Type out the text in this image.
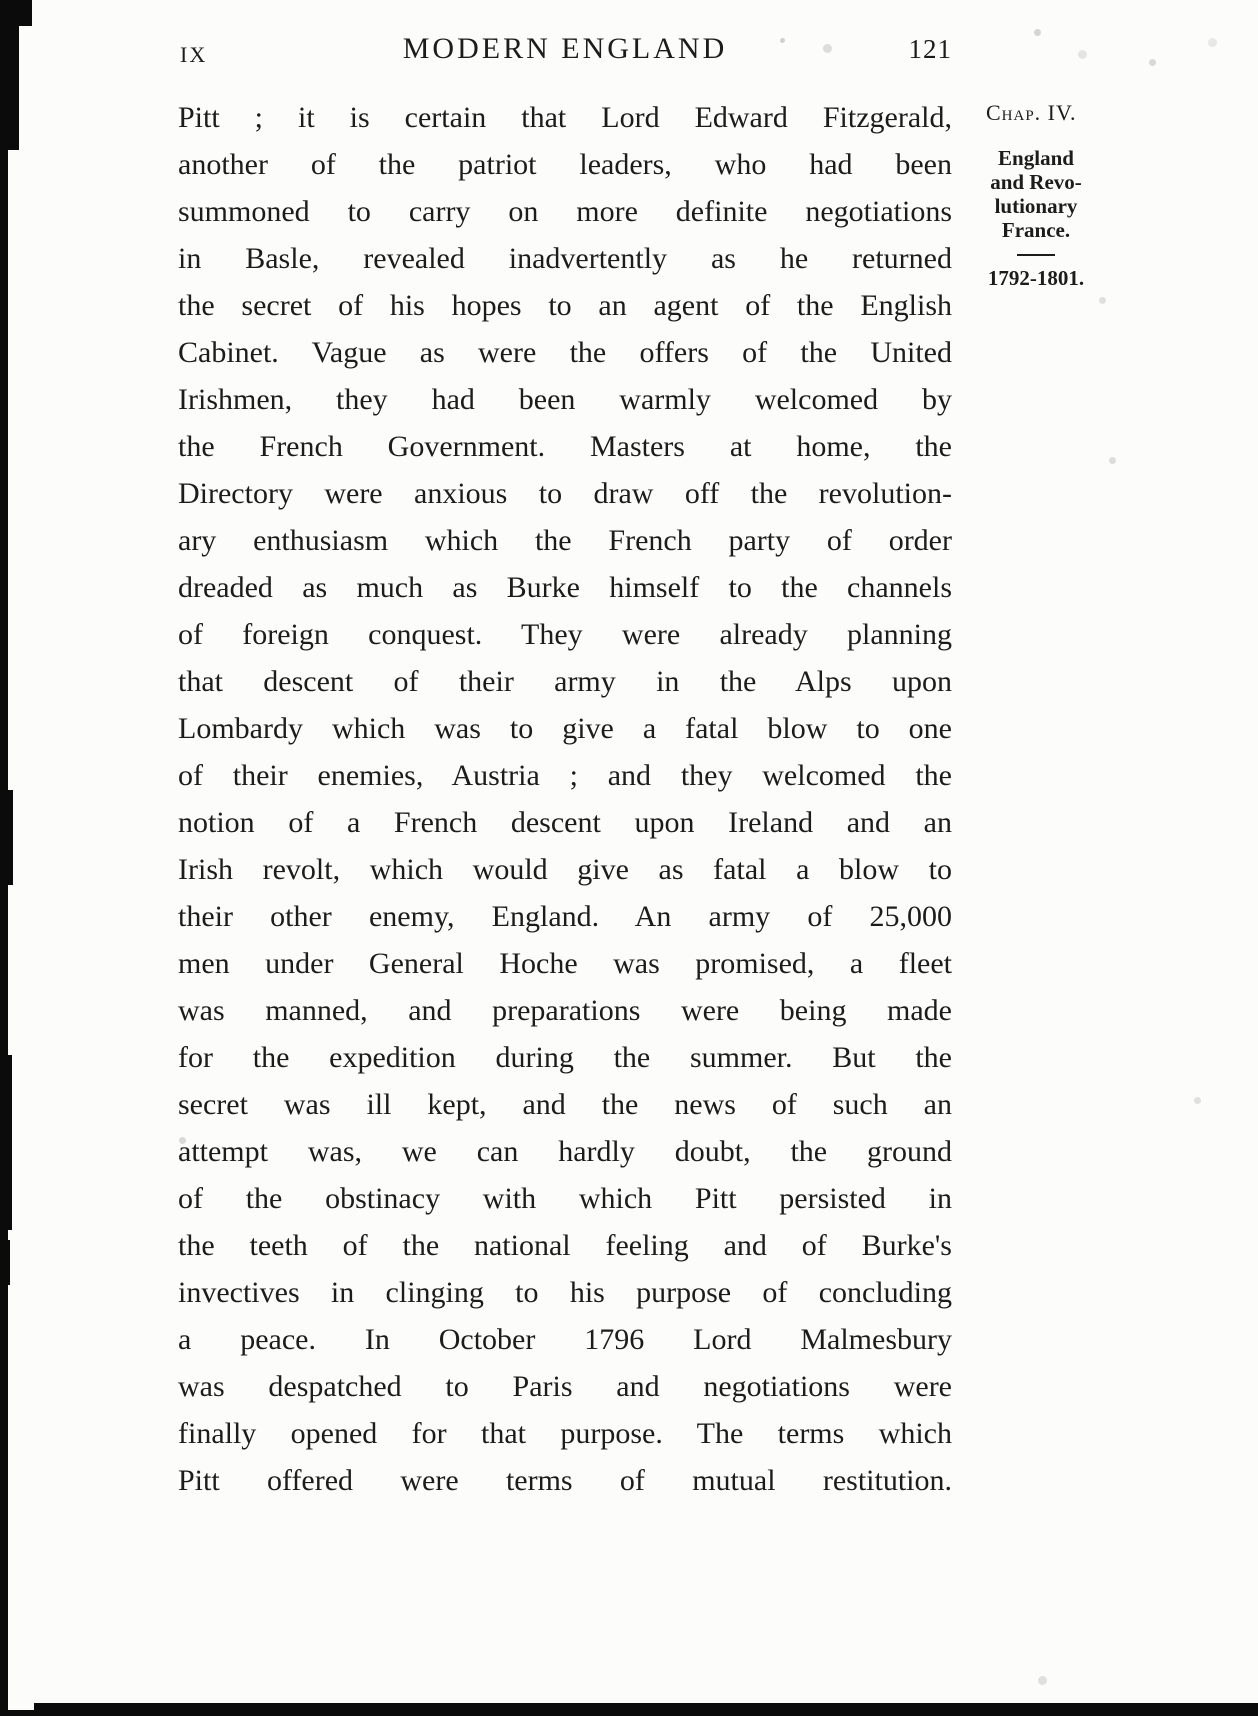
IX	MODERN ENGLAND	121
Pitt ; it is certain that Lord Edward Fitzgerald,
another of the patriot leaders, who had been
summoned to carry on more definite negotiations
in Basle, revealed inadvertently as he returned
the secret of his hopes to an agent of the English
Cabinet. Vague as were the offers of the United
Irishmen, they had been warmly welcomed by
the French Government. Masters at home, the
Directory were anxious to draw off the revolution-
ary enthusiasm which the French party of order
dreaded as much as Burke himself to the channels
of foreign conquest. They were already planning
that descent of their army in the Alps upon
Lombardy which was to give a fatal blow to one
of their enemies, Austria ; and they welcomed the
notion of a French descent upon Ireland and an
Irish revolt, which would give as fatal a blow to
their other enemy, England. An army of 25,000
men under General Hoche was promised, a fleet
was manned, and preparations were being made
for the expedition during the summer. But the
secret was ill kept, and the news of such an
attempt was, we can hardly doubt, the ground
of the obstinacy with which Pitt persisted in
the teeth of the national feeling and of Burke's
invectives in clinging to his purpose of concluding
a peace. In October 1796 Lord Malmesbury
was despatched to Paris and negotiations were
finally opened for that purpose. The terms which
Pitt offered were terms of mutual restitution.
Chap. IV.
England
and Revo-
lutionary
France.
1792-1801.
